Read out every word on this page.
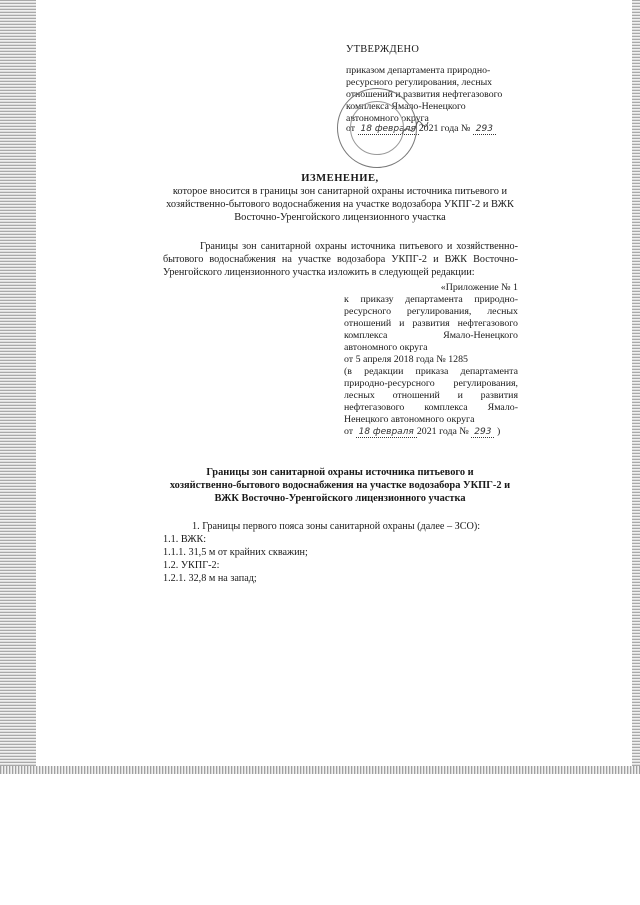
УТВЕРЖДЕНО
приказом департамента природно-
ресурсного регулирования, лесных
отношений и развития нефтегазового
комплекса Ямало-Ненецкого
автономного округа
от 18 февраля 2021 года № 293
ИЗМЕНЕНИЕ,
которое вносится в границы зон санитарной охраны источника питьевого и
хозяйственно-бытового водоснабжения на участке водозабора УКПГ-2 и ВЖК
Восточно-Уренгойского лицензионного участка
Границы зон санитарной охраны источника питьевого и хозяйственно-
бытового водоснабжения на участке водозабора УКПГ-2 и ВЖК Восточно-
Уренгойского лицензионного участка изложить в следующей редакции:
«Приложение № 1
к приказу департамента природно-
ресурсного регулирования, лесных
отношений и развития нефтегазового
комплекса Ямало-Ненецкого
автономного округа
от 5 апреля 2018 года № 1285
(в редакции приказа департамента
природно-ресурсного регулирования,
лесных отношений и развития
нефтегазового комплекса Ямало-
Ненецкого автономного округа
от 18 февраля 2021 года № 293 )
Границы зон санитарной охраны источника питьевого и
хозяйственно-бытового водоснабжения на участке водозабора УКПГ-2 и
ВЖК Восточно-Уренгойского лицензионного участка
1. Границы первого пояса зоны санитарной охраны (далее – ЗСО):
1.1. ВЖК:
1.1.1. 31,5 м от крайних скважин;
1.2. УКПГ-2:
1.2.1. 32,8 м на запад;
